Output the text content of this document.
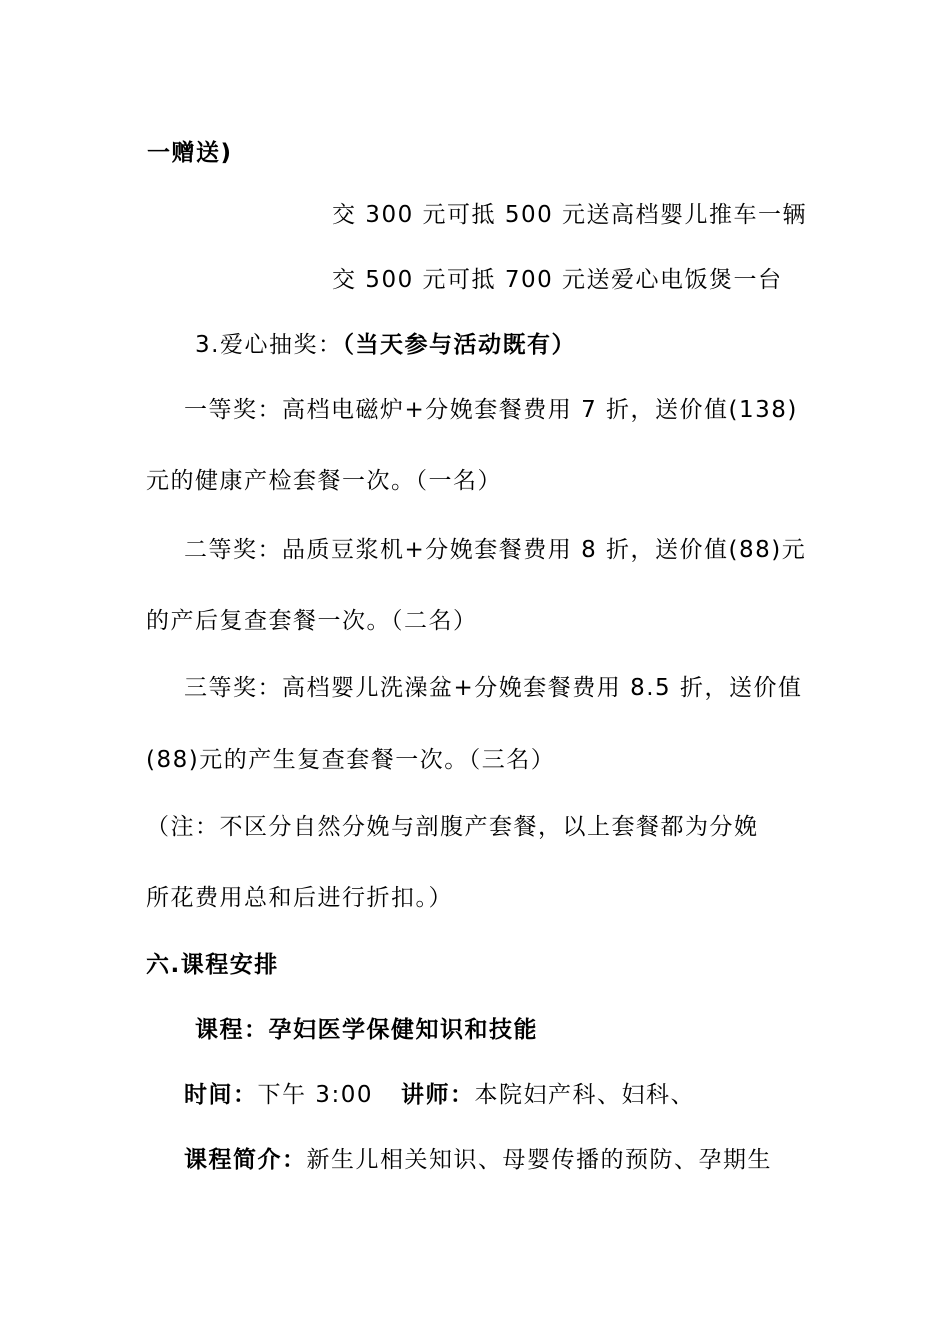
一赠送)
交 300 元可抵 500 元送高档婴儿推车一辆
交 500 元可抵 700 元送爱心电饭煲一台
3.爱心抽奖：（当天参与活动既有）
一等奖：高档电磁炉+分娩套餐费用 7 折，送价值(138)
元的健康产检套餐一次。（一名）
二等奖：品质豆浆机+分娩套餐费用 8 折，送价值(88)元
的产后复查套餐一次。（二名）
三等奖：高档婴儿洗澡盆+分娩套餐费用 8.5 折，送价值
(88)元的产生复查套餐一次。（三名）
（注：不区分自然分娩与剖腹产套餐，以上套餐都为分娩
所花费用总和后进行折扣。）
六.课程安排
课程：孕妇医学保健知识和技能
时间：下午 3:00 讲师：本院妇产科、妇科、
课程简介：新生儿相关知识、母婴传播的预防、孕期生
